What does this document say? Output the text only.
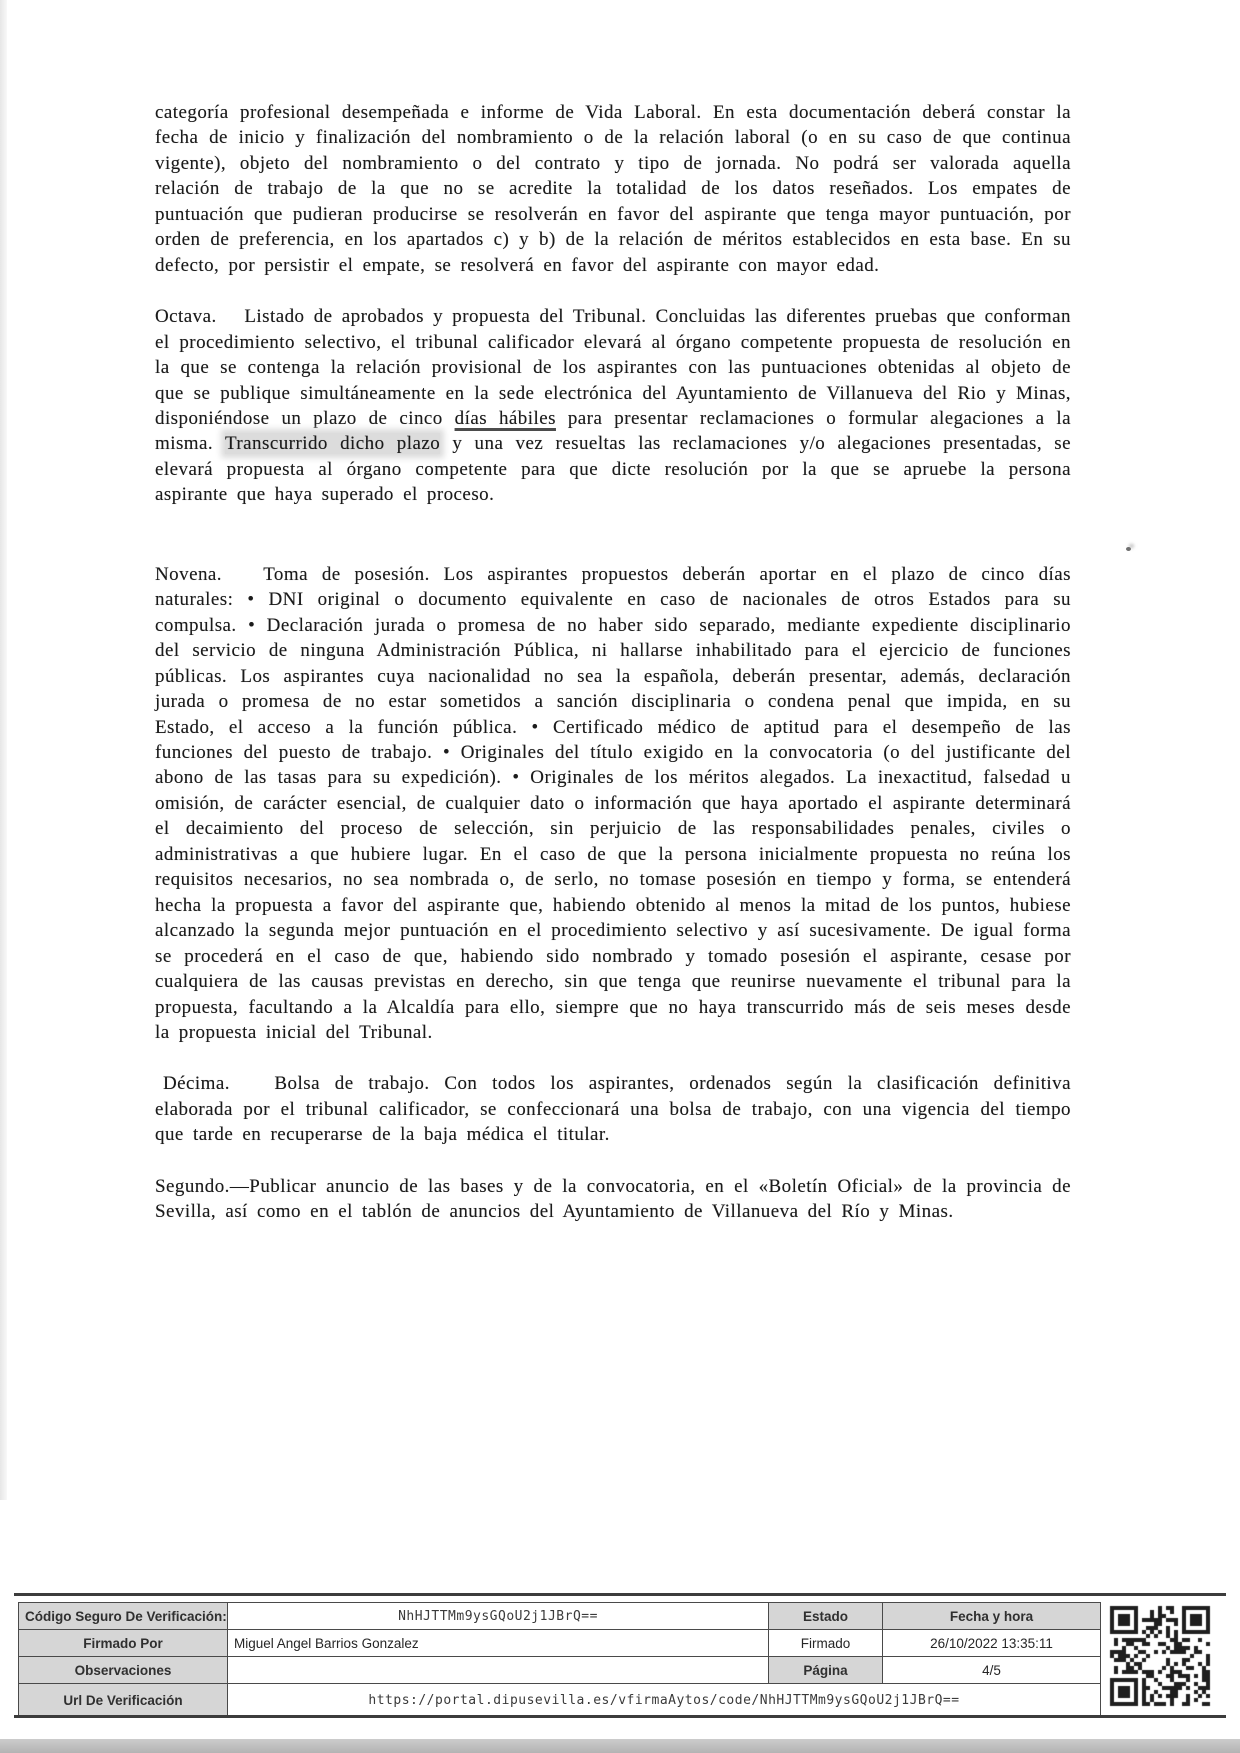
categoría profesional desempeñada e informe de Vida Laboral. En esta documentación deberá constar la fecha de inicio y finalización del nombramiento o de la relación laboral (o en su caso de que continua vigente), objeto del nombramiento o del contrato y tipo de jornada. No podrá ser valorada aquella relación de trabajo de la que no se acredite la totalidad de los datos reseñados. Los empates de puntuación que pudieran producirse se resolverán en favor del aspirante que tenga mayor puntuación, por orden de preferencia, en los apartados c) y b) de la relación de méritos establecidos en esta base. En su defecto, por persistir el empate, se resolverá en favor del aspirante con mayor edad.

Octava.   Listado de aprobados y propuesta del Tribunal. Concluidas las diferentes pruebas que conforman el procedimiento selectivo, el tribunal calificador elevará al órgano competente propuesta de resolución en la que se contenga la relación provisional de los aspirantes con las puntuaciones obtenidas al objeto de que se publique simultáneamente en la sede electrónica del Ayuntamiento de Villanueva del Rio y Minas, disponiéndose un plazo de cinco días hábiles para presentar reclamaciones o formular alegaciones a la misma. Transcurrido dicho plazo y una vez resueltas las reclamaciones y/o alegaciones presentadas, se elevará propuesta al órgano competente para que dicte resolución por la que se apruebe la persona aspirante que haya superado el proceso.

Novena.   Toma de posesión. Los aspirantes propuestos deberán aportar en el plazo de cinco días naturales: • DNI original o documento equivalente en caso de nacionales de otros Estados para su compulsa. • Declaración jurada o promesa de no haber sido separado, mediante expediente disciplinario del servicio de ninguna Administración Pública, ni hallarse inhabilitado para el ejercicio de funciones públicas. Los aspirantes cuya nacionalidad no sea la española, deberán presentar, además, declaración jurada o promesa de no estar sometidos a sanción disciplinaria o condena penal que impida, en su Estado, el acceso a la función pública. • Certificado médico de aptitud para el desempeño de las funciones del puesto de trabajo. • Originales del título exigido en la convocatoria (o del justificante del abono de las tasas para su expedición). • Originales de los méritos alegados. La inexactitud, falsedad u omisión, de carácter esencial, de cualquier dato o información que haya aportado el aspirante determinará el decaimiento del proceso de selección, sin perjuicio de las responsabilidades penales, civiles o administrativas a que hubiere lugar. En el caso de que la persona inicialmente propuesta no reúna los requisitos necesarios, no sea nombrada o, de serlo, no tomase posesión en tiempo y forma, se entenderá hecha la propuesta a favor del aspirante que, habiendo obtenido al menos la mitad de los puntos, hubiese alcanzado la segunda mejor puntuación en el procedimiento selectivo y así sucesivamente. De igual forma se procederá en el caso de que, habiendo sido nombrado y tomado posesión el aspirante, cesase por cualquiera de las causas previstas en derecho, sin que tenga que reunirse nuevamente el tribunal para la propuesta, facultando a la Alcaldía para ello, siempre que no haya transcurrido más de seis meses desde la propuesta inicial del Tribunal.

Décima.   Bolsa de trabajo. Con todos los aspirantes, ordenados según la clasificación definitiva elaborada por el tribunal calificador, se confeccionará una bolsa de trabajo, con una vigencia del tiempo que tarde en recuperarse de la baja médica el titular.

Segundo.—Publicar anuncio de las bases y de la convocatoria, en el «Boletín Oficial» de la provincia de Sevilla, así como en el tablón de anuncios del Ayuntamiento de Villanueva del Río y Minas.

Código Seguro De Verificación:	NhHJTTMm9ysGQoU2j1JBrQ==	Estado	Fecha y hora
Firmado Por	Miguel Angel Barrios Gonzalez	Firmado	26/10/2022 13:35:11
Observaciones		Página	4/5
Url De Verificación	https://portal.dipusevilla.es/vfirmaAytos/code/NhHJTTMm9ysGQoU2j1JBrQ==		
